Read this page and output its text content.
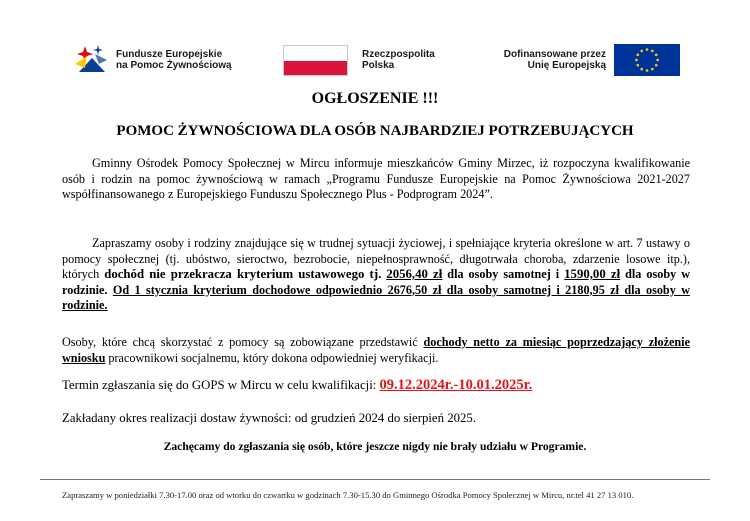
Fundusze Europejskie
na Pomoc Żywnościową
Rzeczpospolita
Polska
Dofinansowane przez
Unię Europejską
OGŁOSZENIE !!!
POMOC ŻYWNOŚCIOWA DLA OSÓB NAJBARDZIEJ POTRZEBUJĄCYCH
Gminny Ośrodek Pomocy Społecznej w Mircu informuje mieszkańców Gminy Mirzec, iż rozpoczyna kwalifikowanie osób i rodzin na pomoc żywnościową w ramach „Programu Fundusze Europejskie na Pomoc Żywnościowa 2021-2027 współfinansowanego z Europejskiego Funduszu Społecznego Plus - Podprogram 2024”.
Zapraszamy osoby i rodziny znajdujące się w trudnej sytuacji życiowej, i spełniające kryteria określone w art. 7 ustawy o pomocy społecznej (tj. ubóstwo, sieroctwo, bezrobocie, niepełnosprawność, długotrwała choroba, zdarzenie losowe itp.), których dochód nie przekracza kryterium ustawowego tj. 2056,40 zł dla osoby samotnej i 1590,00 zł dla osoby w rodzinie. Od 1 stycznia kryterium dochodowe odpowiednio 2676,50 zł dla osoby samotnej i 2180,95 zł dla osoby w rodzinie.
Osoby, które chcą skorzystać z pomocy są zobowiązane przedstawić dochody netto za miesiąc poprzedzający złożenie wniosku pracownikowi socjalnemu, który dokona odpowiedniej weryfikacji.
Termin zgłaszania się do GOPS w Mircu w celu kwalifikacji: 09.12.2024r.-10.01.2025r.
Zakładany okres realizacji dostaw żywności: od grudzień 2024 do sierpień 2025.
Zachęcamy do zgłaszania się osób, które jeszcze nigdy nie brały udziału w Programie.
Zapraszamy w poniedziałki 7.30-17.00 oraz od wtorku do czwartku w godzinach 7.30-15.30 do Gminnego Ośrodka Pomocy Społecznej w Mircu, nr.tel 41 27 13 010.
